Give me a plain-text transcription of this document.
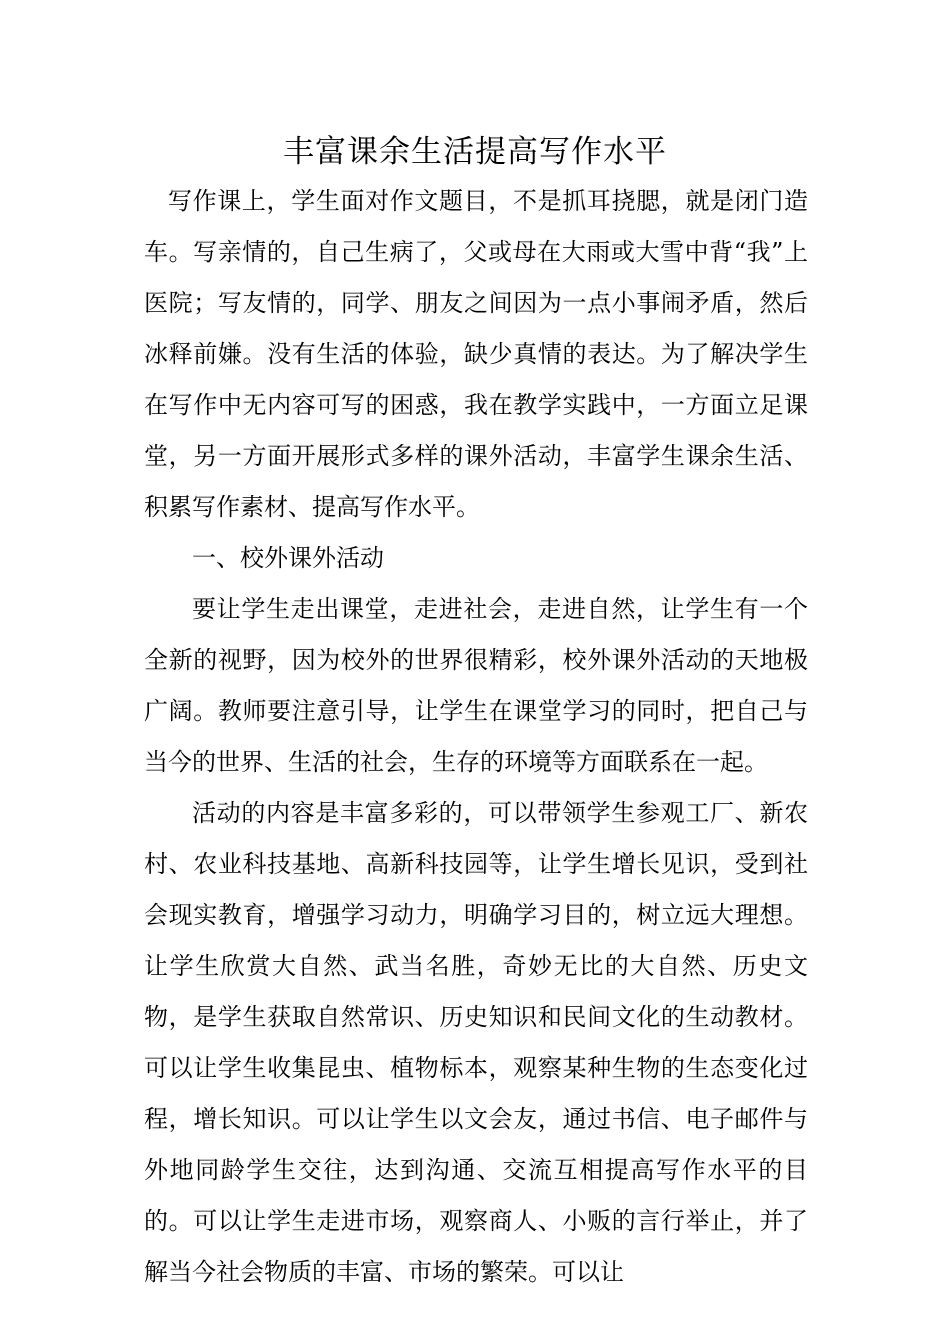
丰富课余生活提高写作水平

写作课上，学生面对作文题目，不是抓耳挠腮，就是闭门造车。写亲情的，自己生病了，父或母在大雨或大雪中背“我”上医院；写友情的，同学、朋友之间因为一点小事闹矛盾，然后冰释前嫌。没有生活的体验，缺少真情的表达。为了解决学生在写作中无内容可写的困惑，我在教学实践中，一方面立足课堂，另一方面开展形式多样的课外活动，丰富学生课余生活、积累写作素材、提高写作水平。

一、校外课外活动

要让学生走出课堂，走进社会，走进自然，让学生有一个全新的视野，因为校外的世界很精彩，校外课外活动的天地极广阔。教师要注意引导，让学生在课堂学习的同时，把自己与当今的世界、生活的社会，生存的环境等方面联系在一起。

活动的内容是丰富多彩的，可以带领学生参观工厂、新农村、农业科技基地、高新科技园等，让学生增长见识，受到社会现实教育，增强学习动力，明确学习目的，树立远大理想。让学生欣赏大自然、武当名胜，奇妙无比的大自然、历史文物，是学生获取自然常识、历史知识和民间文化的生动教材。可以让学生收集昆虫、植物标本，观察某种生物的生态变化过程，增长知识。可以让学生以文会友，通过书信、电子邮件与外地同龄学生交往，达到沟通、交流互相提高写作水平的目的。可以让学生走进市场，观察商人、小贩的言行举止，并了解当今社会物质的丰富、市场的繁荣。可以让
